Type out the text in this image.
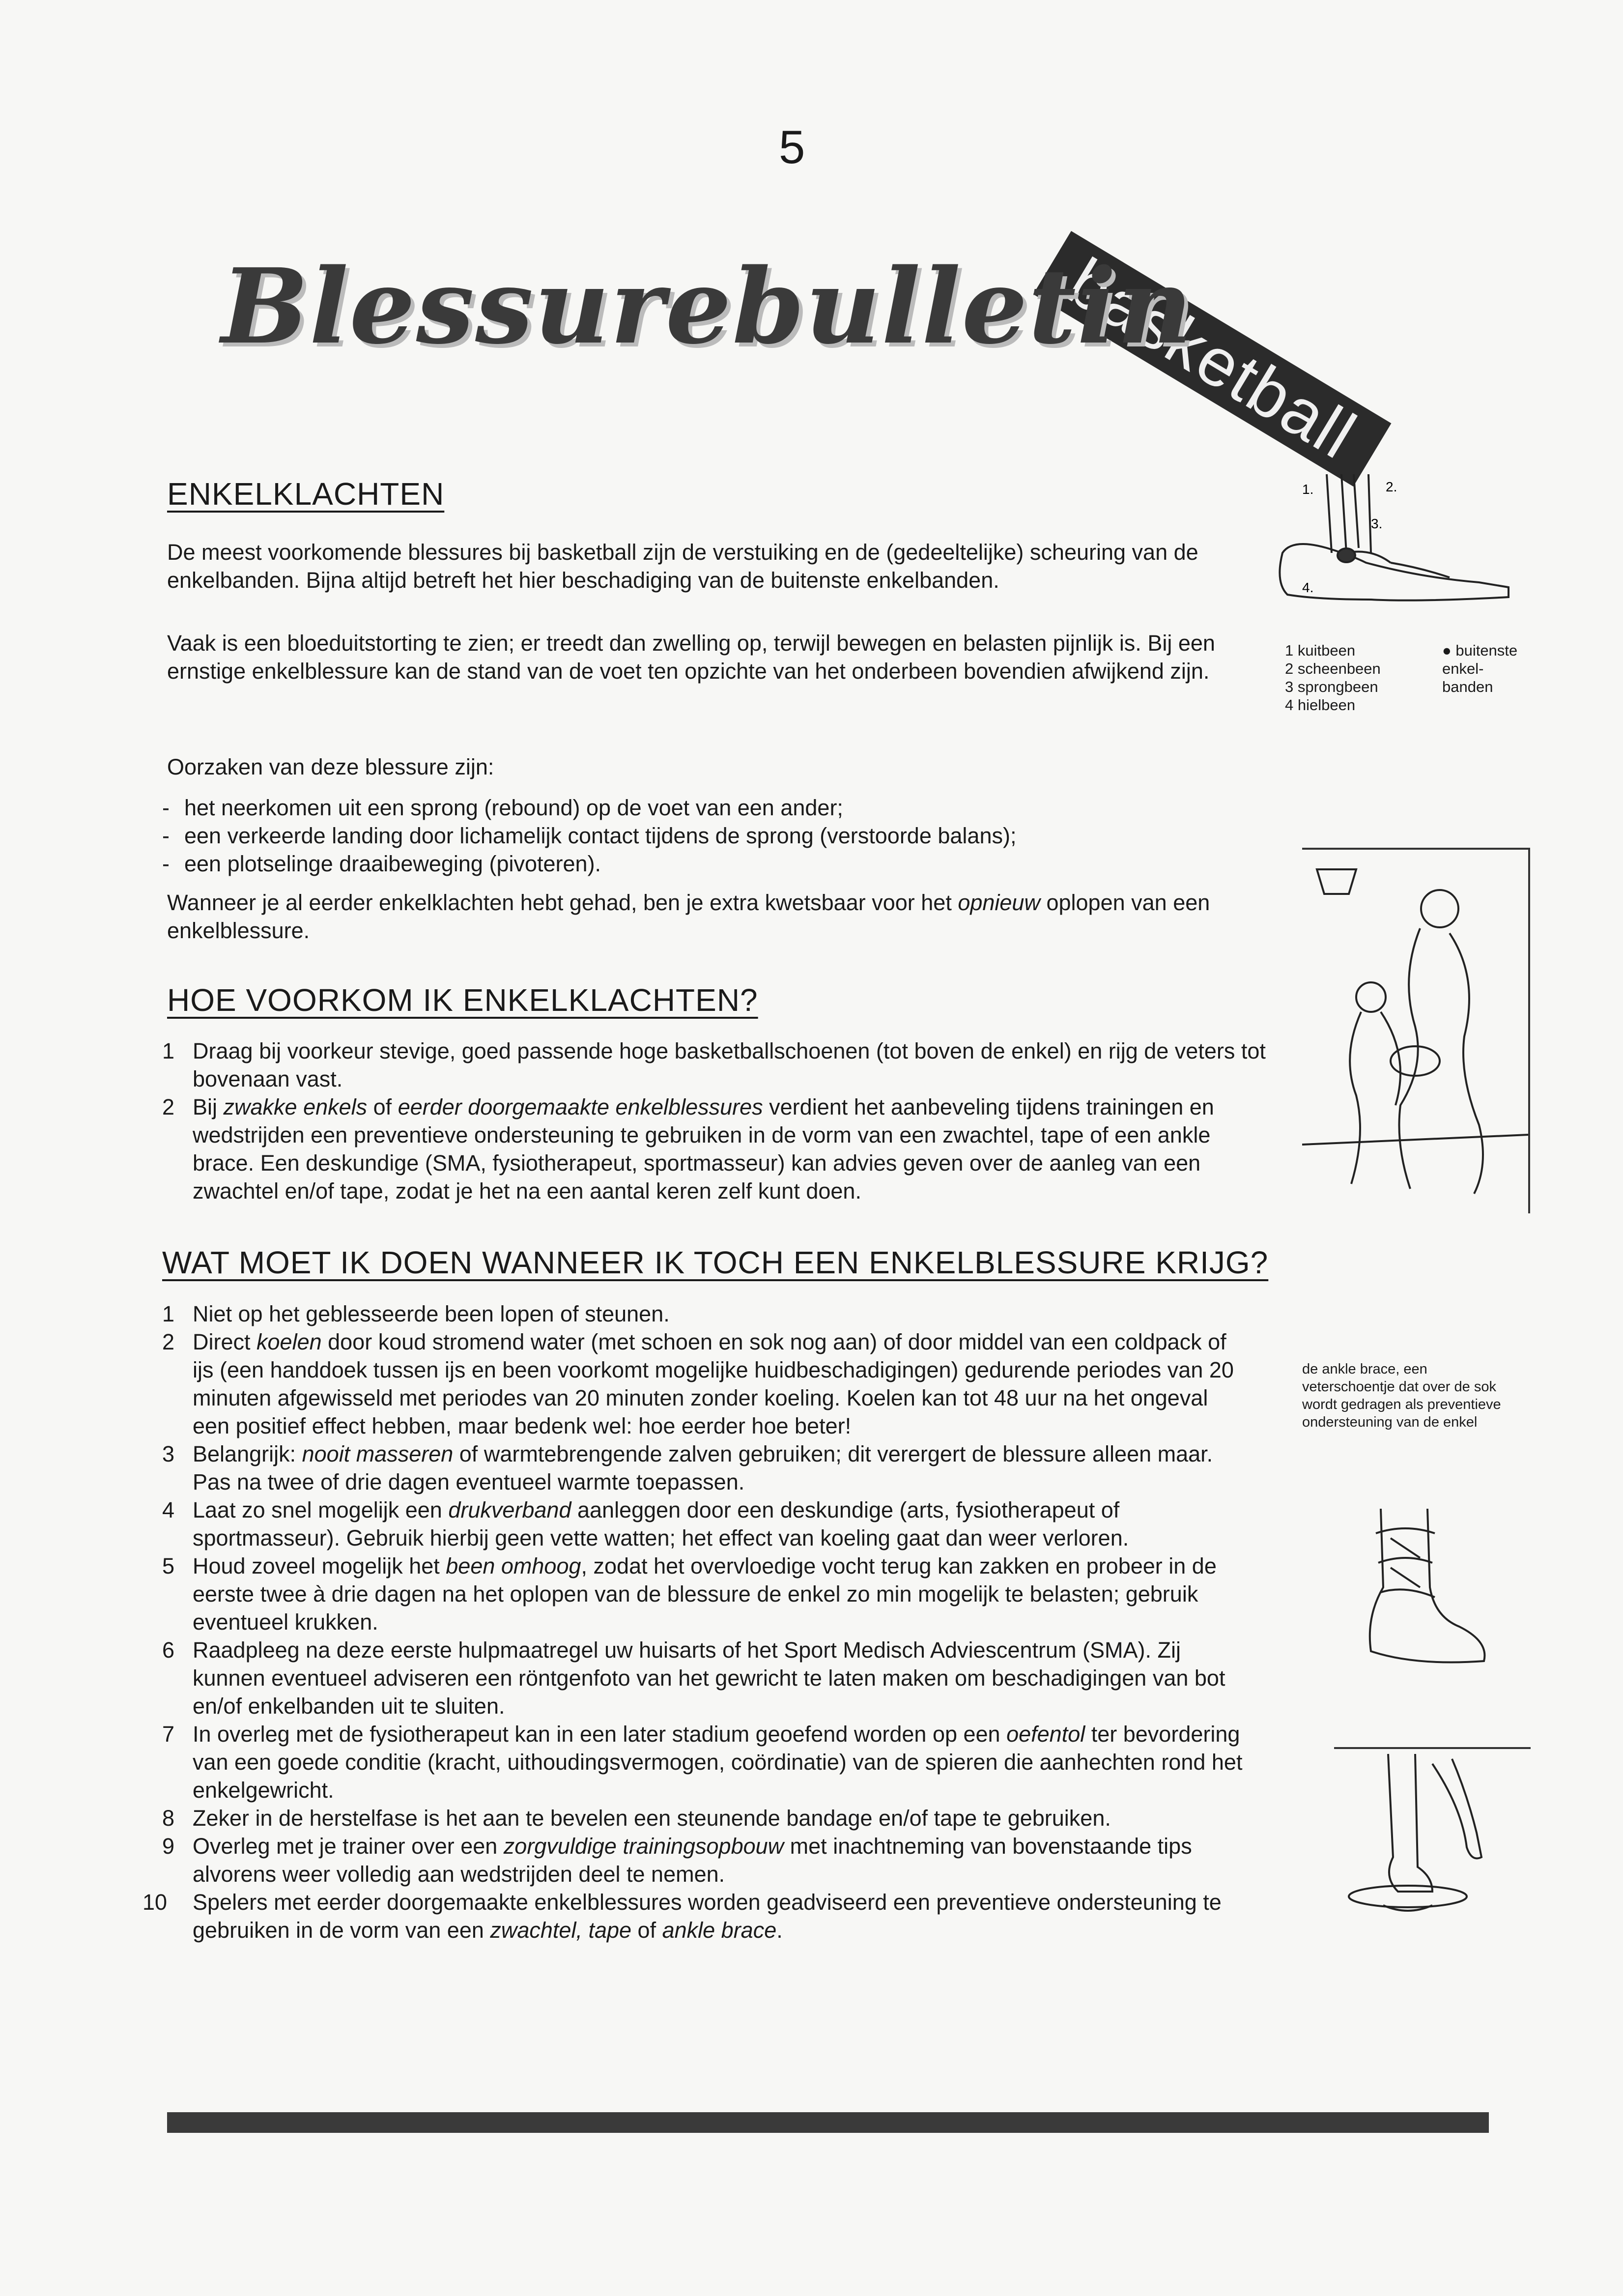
5
basketball
Blessurebulletin
ENKELKLACHTEN
De meest voorkomende blessures bij basketball zijn de verstuiking en de (gedeeltelijke) scheuring van de enkelbanden. Bijna altijd betreft het hier beschadiging van de buitenste enkelbanden.
Vaak is een bloeduitstorting te zien; er treedt dan zwelling op, terwijl bewegen en belasten pijnlijk is. Bij een ernstige enkelblessure kan de stand van de voet ten opzichte van het onderbeen bovendien afwijkend zijn.
Oorzaken van deze blessure zijn:
- het neerkomen uit een sprong (rebound) op de voet van een ander;
- een verkeerde landing door lichamelijk contact tijdens de sprong (verstoorde balans);
- een plotselinge draaibeweging (pivoteren).
Wanneer je al eerder enkelklachten hebt gehad, ben je extra kwetsbaar voor het opnieuw oplopen van een enkelblessure.
1.	2.
3.
4.
1 kuitbeen
2 scheenbeen
3 sprongbeen
4 hielbeen
● buitenste
enkel-
banden
HOE VOORKOM IK ENKELKLACHTEN?
1 Draag bij voorkeur stevige, goed passende hoge basketballschoenen (tot boven de enkel) en rijg de veters tot bovenaan vast.
2 Bij zwakke enkels of eerder doorgemaakte enkelblessures verdient het aanbeveling tijdens trainingen en wedstrijden een preventieve ondersteuning te gebruiken in de vorm van een zwachtel, tape of een ankle brace. Een deskundige (SMA, fysiotherapeut, sportmasseur) kan advies geven over de aanleg van een zwachtel en/of tape, zodat je het na een aantal keren zelf kunt doen.
WAT MOET IK DOEN WANNEER IK TOCH EEN ENKELBLESSURE KRIJG?
1 Niet op het geblesseerde been lopen of steunen.
2 Direct koelen door koud stromend water (met schoen en sok nog aan) of door middel van een coldpack of ijs (een handdoek tussen ijs en been voorkomt mogelijke huidbeschadigingen) gedurende periodes van 20 minuten afgewisseld met periodes van 20 minuten zonder koeling. Koelen kan tot 48 uur na het ongeval een positief effect hebben, maar bedenk wel: hoe eerder hoe beter!
3 Belangrijk: nooit masseren of warmtebrengende zalven gebruiken; dit verergert de blessure alleen maar. Pas na twee of drie dagen eventueel warmte toepassen.
4 Laat zo snel mogelijk een drukverband aanleggen door een deskundige (arts, fysiotherapeut of sportmasseur). Gebruik hierbij geen vette watten; het effect van koeling gaat dan weer verloren.
5 Houd zoveel mogelijk het been omhoog, zodat het overvloedige vocht terug kan zakken en probeer in de eerste twee à drie dagen na het oplopen van de blessure de enkel zo min mogelijk te belasten; gebruik eventueel krukken.
6 Raadpleeg na deze eerste hulpmaatregel uw huisarts of het Sport Medisch Adviescentrum (SMA). Zij kunnen eventueel adviseren een röntgenfoto van het gewricht te laten maken om beschadigingen van bot en/of enkelbanden uit te sluiten.
7 In overleg met de fysiotherapeut kan in een later stadium geoefend worden op een oefentol ter bevordering van een goede conditie (kracht, uithoudingsvermogen, coördinatie) van de spieren die aanhechten rond het enkelgewricht.
8 Zeker in de herstelfase is het aan te bevelen een steunende bandage en/of tape te gebruiken.
9 Overleg met je trainer over een zorgvuldige trainingsopbouw met inachtneming van bovenstaande tips alvorens weer volledig aan wedstrijden deel te nemen.
10 Spelers met eerder doorgemaakte enkelblessures worden geadviseerd een preventieve ondersteuning te gebruiken in de vorm van een zwachtel, tape of ankle brace.
de ankle brace, een veterschoentje dat over de sok wordt gedragen als preventieve ondersteuning van de enkel
